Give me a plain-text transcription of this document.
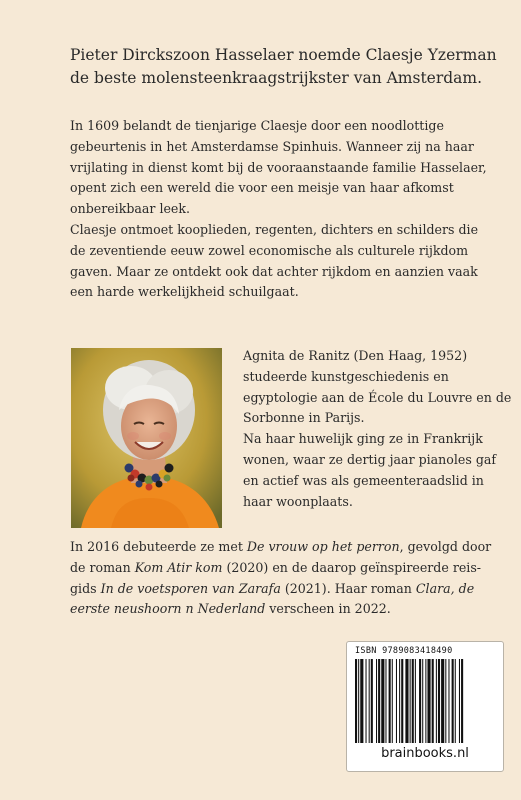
Pieter Dirckszoon Hasselaer noemde Claesje Yzerman de beste molensteenkraagstrijkster van Amsterdam.

In 1609 belandt de tienjarige Claesje door een noodlottige gebeurtenis in het Amsterdamse Spinhuis. Wanneer zij na haar vrijlating in dienst komt bij de vooraanstaande familie Hasselaer, opent zich een wereld die voor een meisje van haar afkomst onbereikbaar leek.

Claesje ontmoet kooplieden, regenten, dichters en schilders die de zeventiende eeuw zowel economische als culturele rijkdom gaven. Maar ze ontdekt ook dat achter rijkdom en aanzien vaak een harde werkelijkheid schuilgaat.

Agnita de Ranitz (Den Haag, 1952) studeerde kunstgeschiedenis en egyptologie aan de École du Louvre en de Sorbonne in Parijs.

Na haar huwelijk ging ze in Frankrijk wonen, waar ze dertig jaar pianoles gaf en actief was als gemeenteraadslid in haar woonplaats.

In 2016 debuteerde ze met De vrouw op het perron, gevolgd door de roman Kom Atir kom (2020) en de daarop geïnspireerde reisgids In de voetsporen van Zarafa (2021). Haar roman Clara, de eerste neushoorn n Nederland verscheen in 2022.

ISBN 9789083418490
brainbooks.nl
